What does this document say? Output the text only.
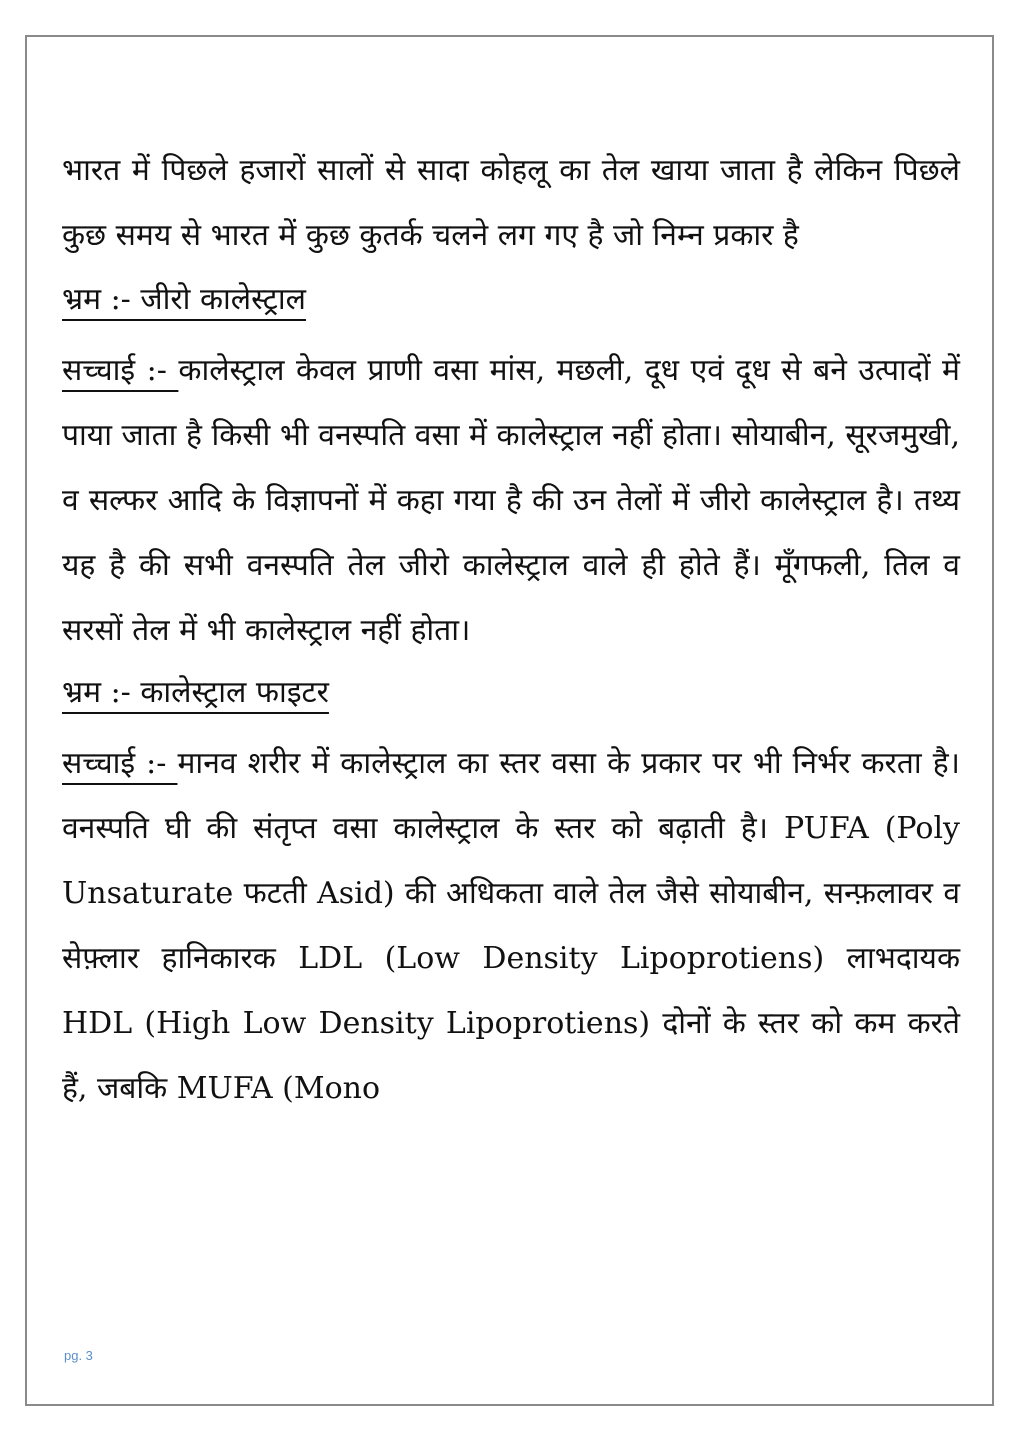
भारत में पिछले हजारों सालों से सादा कोहलू का तेल खाया जाता है लेकिन पिछले कुछ समय से भारत में कुछ कुतर्क चलने लग गए है जो निम्न प्रकार है

भ्रम :- जीरो कालेस्ट्राल

सच्चाई :- कालेस्ट्राल केवल प्राणी वसा मांस, मछली, दूध एवं दूध से बने उत्पादों में पाया जाता है किसी भी वनस्पति वसा में कालेस्ट्राल नहीं होता। सोयाबीन, सूरजमुखी, व सल्फर आदि के विज्ञापनों में कहा गया है की उन तेलों में जीरो कालेस्ट्राल है। तथ्य यह है की सभी वनस्पति तेल जीरो कालेस्ट्राल वाले ही होते हैं। मूँगफली, तिल व सरसों तेल में भी कालेस्ट्राल नहीं होता।

भ्रम :- कालेस्ट्राल फाइटर

सच्चाई :- मानव शरीर में कालेस्ट्राल का स्तर वसा के प्रकार पर भी निर्भर करता है। वनस्पति घी की संतृप्त वसा कालेस्ट्राल के स्तर को बढ़ाती है। PUFA (Poly Unsaturate फटती Asid) की अधिकता वाले तेल जैसे सोयाबीन, सन्फ़लावर व सेफ़्लार हानिकारक LDL (Low Density Lipoprotiens) लाभदायक HDL (High Low Density Lipoprotiens) दोनों के स्तर को कम करते हैं, जबकि MUFA (Mono

pg. 3
